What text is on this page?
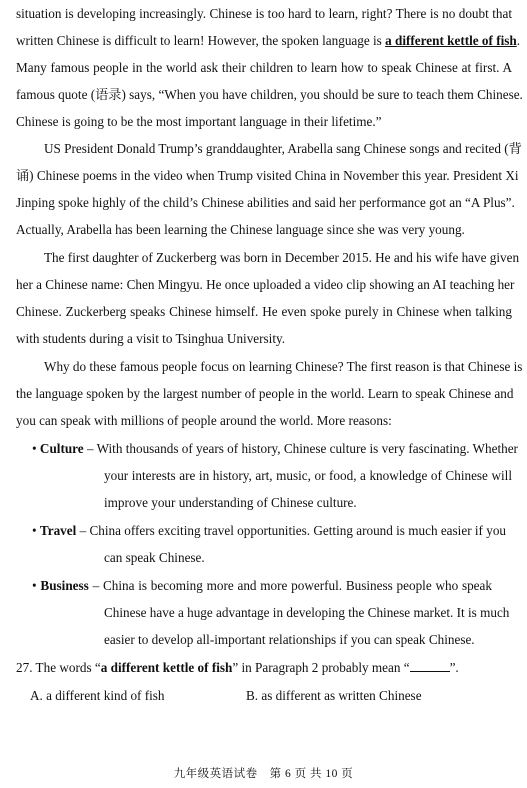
situation is developing increasingly. Chinese is too hard to learn, right? There is no doubt that
written Chinese is difficult to learn! However, the spoken language is a different kettle of fish.
Many famous people in the world ask their children to learn how to speak Chinese at first. A
famous quote (语录) says, “When you have children, you should be sure to teach them Chinese.
Chinese is going to be the most important language in their lifetime.”
US President Donald Trump’s granddaughter, Arabella sang Chinese songs and recited (背
诵) Chinese poems in the video when Trump visited China in November this year. President Xi
Jinping spoke highly of the child’s Chinese abilities and said her performance got an “A Plus”.
Actually, Arabella has been learning the Chinese language since she was very young.
The first daughter of Zuckerberg was born in December 2015. He and his wife have given
her a Chinese name: Chen Mingyu. He once uploaded a video clip showing an AI teaching her
Chinese. Zuckerberg speaks Chinese himself. He even spoke purely in Chinese when talking
with students during a visit to Tsinghua University.
Why do these famous people focus on learning Chinese? The first reason is that Chinese is
the language spoken by the largest number of people in the world. Learn to speak Chinese and
you can speak with millions of people around the world. More reasons:
• Culture – With thousands of years of history, Chinese culture is very fascinating. Whether
your interests are in history, art, music, or food, a knowledge of Chinese will
improve your understanding of Chinese culture.
• Travel – China offers exciting travel opportunities. Getting around is much easier if you
can speak Chinese.
• Business – China is becoming more and more powerful. Business people who speak
Chinese have a huge advantage in developing the Chinese market. It is much
easier to develop all-important relationships if you can speak Chinese.
27. The words “a different kettle of fish” in Paragraph 2 probably mean “	”.
A. a different kind of fish	B. as different as written Chinese
九年级英语试卷　第 6 页 共 10 页
